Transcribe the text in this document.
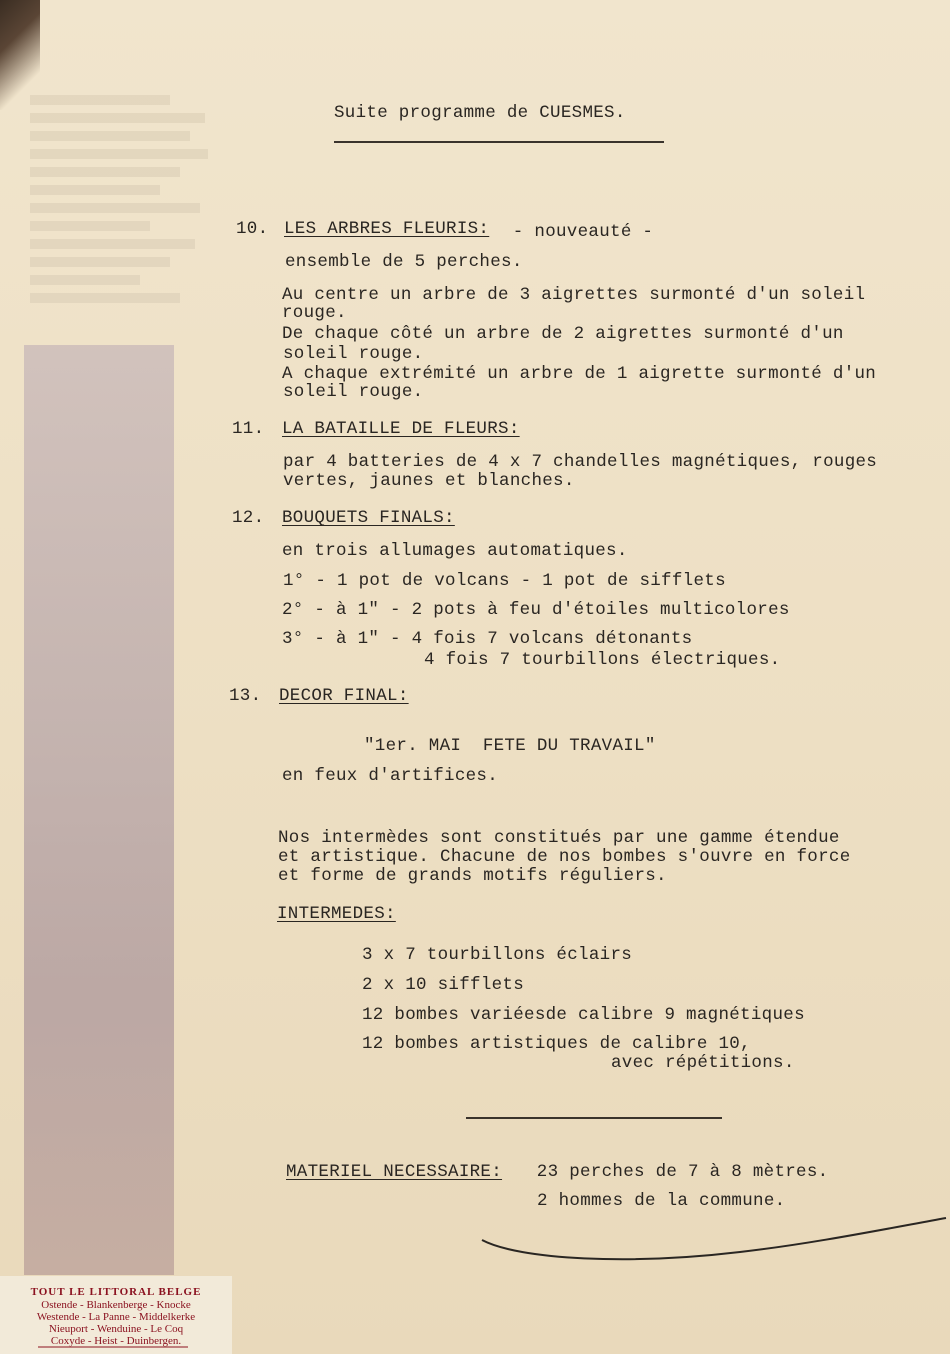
Suite programme de CUESMES.
10. LES ARBRES FLEURIS: - nouveauté -
ensemble de 5 perches.
Au centre un arbre de 3 aigrettes surmonté d'un soleil
rouge.
De chaque côté un arbre de 2 aigrettes surmonté d'un
soleil rouge.
A chaque extrémité un arbre de 1 aigrette surmonté d'un
soleil rouge.
11. LA BATAILLE DE FLEURS:
par 4 batteries de 4 x 7 chandelles magnétiques, rouges
vertes, jaunes et blanches.
12. BOUQUETS FINALS:
en trois allumages automatiques.
1° - 1 pot de volcans - 1 pot de sifflets
2° - à 1" - 2 pots à feu d'étoiles multicolores
3° - à 1" - 4 fois 7 volcans détonants
4 fois 7 tourbillons électriques.
13. DECOR FINAL:
"1er. MAI  FETE DU TRAVAIL"
en feux d'artifices.
Nos intermèdes sont constitués par une gamme étendue
et artistique. Chacune de nos bombes s'ouvre en force
et forme de grands motifs réguliers.
INTERMEDES:
3 x 7 tourbillons éclairs
2 x 10 sifflets
12 bombes variéesde calibre 9 magnétiques
12 bombes artistiques de calibre 10,
avec répétitions.
MATERIEL NECESSAIRE: 23 perches de 7 à 8 mètres.
2 hommes de la commune.
TOUT LE LITTORAL BELGE
Ostende - Blankenberge - Knocke
Westende - La Panne - Middelkerke
Nieuport - Wenduine - Le Coq
Coxyde - Heist - Duinbergen.
